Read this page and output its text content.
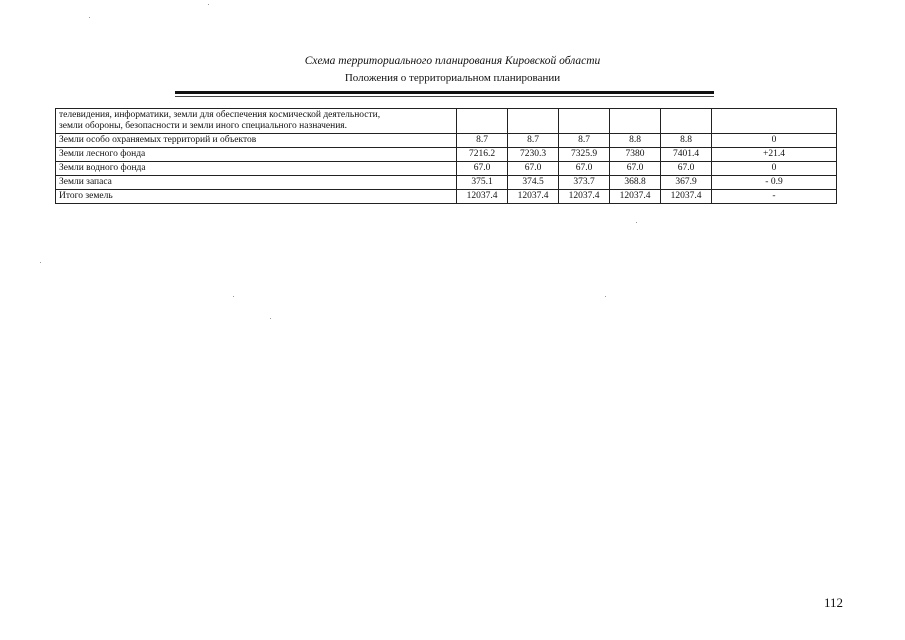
Схема территориального планирования Кировской области
Положения о территориальном планировании
телевидения, информатики, земли для обеспечения космической деятельности,
земли обороны, безопасности и земли иного специального назначения.						

Земли особо охраняемых территорий и объектов	8.7	8.7	8.7	8.8	8.8	0
Земли лесного фонда	7216.2	7230.3	7325.9	7380	7401.4	+21.4
Земли водного фонда	67.0	67.0	67.0	67.0	67.0	0
Земли запаса	375.1	374.5	373.7	368.8	367.9	- 0.9
Итого земель	12037.4	12037.4	12037.4	12037.4	12037.4	-
112
